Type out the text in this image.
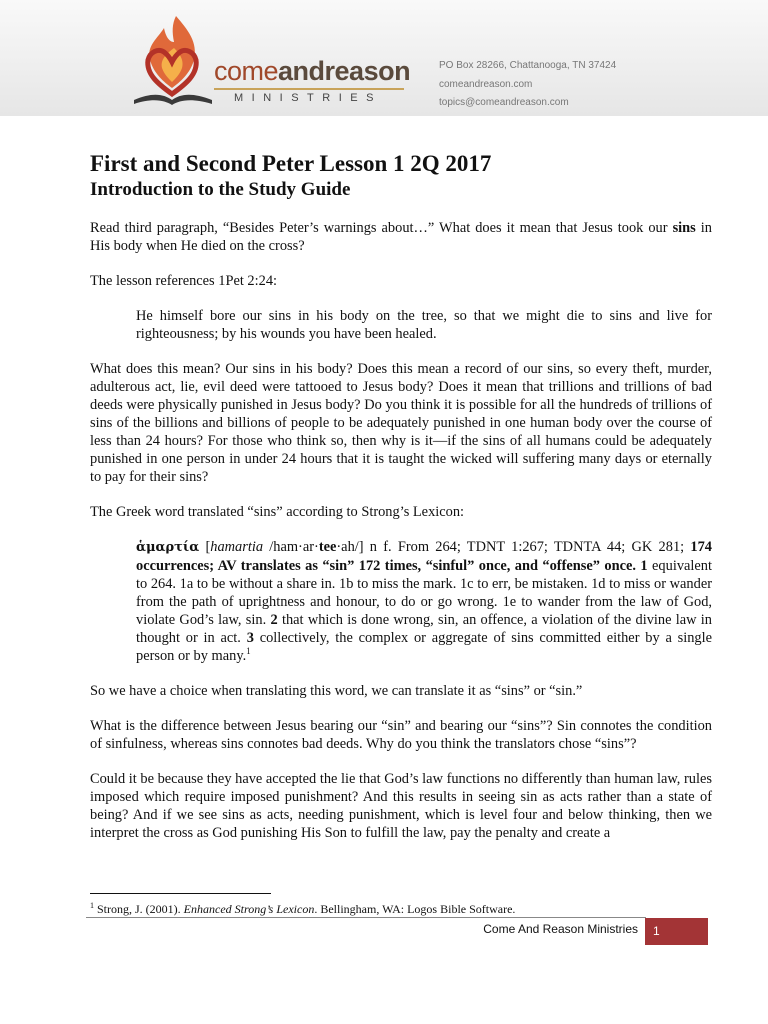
comeandreason
MINISTRIES
PO Box 28266, Chattanooga, TN 37424
comeandreason.com
topics@comeandreason.com
First and Second Peter Lesson 1 2Q 2017
Introduction to the Study Guide

Read third paragraph, “Besides Peter’s warnings about…” What does it mean that Jesus took our sins in His body when He died on the cross?

The lesson references 1Pet 2:24:

He himself bore our sins in his body on the tree, so that we might die to sins and live for righteousness; by his wounds you have been healed.

What does this mean? Our sins in his body? Does this mean a record of our sins, so every theft, murder, adulterous act, lie, evil deed were tattooed to Jesus body? Does it mean that trillions and trillions of bad deeds were physically punished in Jesus body? Do you think it is possible for all the hundreds of trillions of sins of the billions and billions of people to be adequately punished in one human body over the course of less than 24 hours? For those who think so, then why is it—if the sins of all humans could be adequately punished in one person in under 24 hours that it is taught the wicked will suffering many days or eternally to pay for their sins?

The Greek word translated “sins” according to Strong’s Lexicon:

ἁμαρτία [hamartia /ham·ar·tee·ah/] n f. From 264; TDNT 1:267; TDNTA 44; GK 281; 174 occurrences; AV translates as “sin” 172 times, “sinful” once, and “offense” once. 1 equivalent to 264. 1a to be without a share in. 1b to miss the mark. 1c to err, be mistaken. 1d to miss or wander from the path of uprightness and honour, to do or go wrong. 1e to wander from the law of God, violate God’s law, sin. 2 that which is done wrong, sin, an offence, a violation of the divine law in thought or in act. 3 collectively, the complex or aggregate of sins committed either by a single person or by many.$^1$

So we have a choice when translating this word, we can translate it as “sins” or “sin.”

What is the difference between Jesus bearing our “sin” and bearing our “sins”? Sin connotes the condition of sinfulness, whereas sins connotes bad deeds. Why do you think the translators chose “sins”?

Could it be because they have accepted the lie that God’s law functions no differently than human law, rules imposed which require imposed punishment? And this results in seeing sin as acts rather than a state of being? And if we see sins as acts, needing punishment, which is level four and below thinking, then we interpret the cross as God punishing His Son to fulfill the law, pay the penalty and create a

$^1$ Strong, J. (2001). Enhanced Strong’s Lexicon. Bellingham, WA: Logos Bible Software.
Come And Reason Ministries	1
